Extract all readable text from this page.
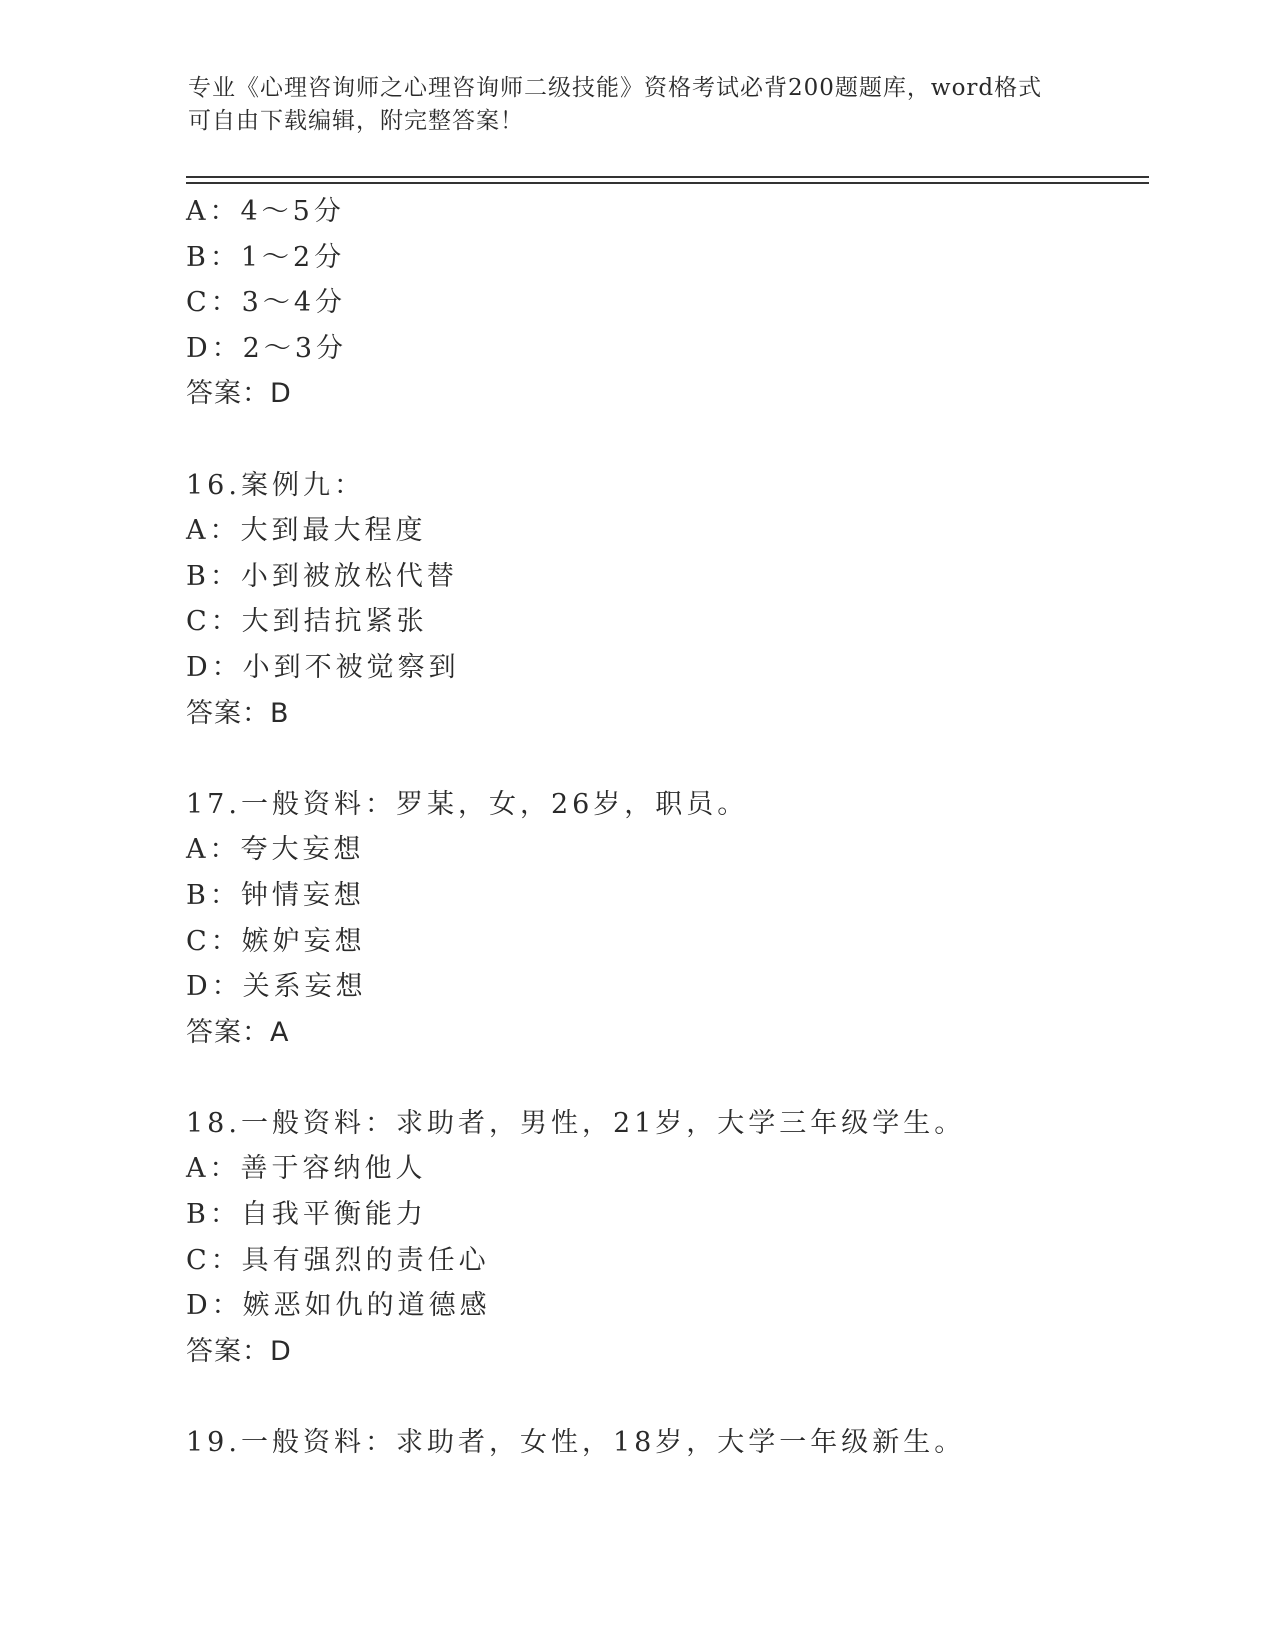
专业《心理咨询师之心理咨询师二级技能》资格考试必背200题题库，word格式
可自由下载编辑，附完整答案！
A：4～5分
B：1～2分
C：3～4分
D：2～3分
答案：D
16.案例九：
A：大到最大程度
B：小到被放松代替
C：大到拮抗紧张
D：小到不被觉察到
答案：B
17.一般资料：罗某，女，26岁，职员。
A：夸大妄想
B：钟情妄想
C：嫉妒妄想
D：关系妄想
答案：A
18.一般资料：求助者，男性，21岁，大学三年级学生。
A：善于容纳他人
B：自我平衡能力
C：具有强烈的责任心
D：嫉恶如仇的道德感
答案：D
19.一般资料：求助者，女性，18岁，大学一年级新生。
